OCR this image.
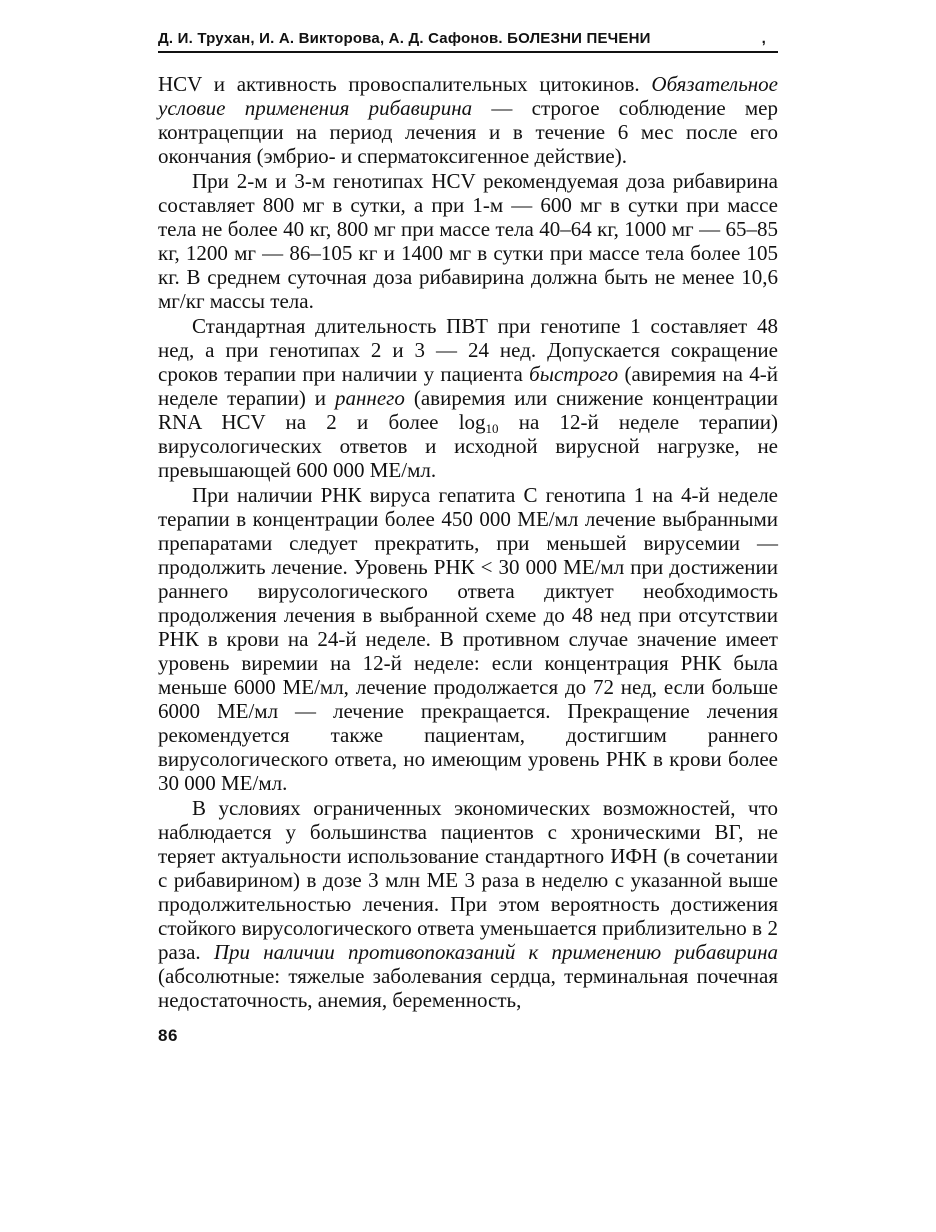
Д. И. Трухан, И. А. Викторова, А. Д. Сафонов. БОЛЕЗНИ ПЕЧЕНИ	,

HCV и активность провоспалительных цитокинов. Обязательное условие применения рибавирина — строгое соблюдение мер контрацепции на период лечения и в течение 6 мес после его окончания (эмбрио- и сперматоксигенное действие).

При 2-м и 3-м генотипах HCV рекомендуемая доза рибавирина составляет 800 мг в сутки, а при 1-м — 600 мг в сутки при массе тела не более 40 кг, 800 мг при массе тела 40–64 кг, 1000 мг — 65–85 кг, 1200 мг — 86–105 кг и 1400 мг в сутки при массе тела более 105 кг. В среднем суточная доза рибавирина должна быть не менее 10,6 мг/кг массы тела.

Стандартная длительность ПВТ при генотипе 1 составляет 48 нед, а при генотипах 2 и 3 — 24 нед. Допускается сокращение сроков терапии при наличии у пациента быстрого (авиремия на 4-й неделе терапии) и раннего (авиремия или снижение концентрации RNA HCV на 2 и более $\log_{10}$ на 12-й неделе терапии) вирусологических ответов и исходной вирусной нагрузке, не превышающей 600 000 МЕ/мл.

При наличии РНК вируса гепатита С генотипа 1 на 4-й неделе терапии в концентрации более 450 000 МЕ/мл лечение выбранными препаратами следует прекратить, при меньшей вирусемии — продолжить лечение. Уровень РНК < 30 000 МЕ/мл при достижении раннего вирусологического ответа диктует необходимость продолжения лечения в выбранной схеме до 48 нед при отсутствии РНК в крови на 24-й неделе. В противном случае значение имеет уровень виремии на 12-й неделе: если концентрация РНК была меньше 6000 МЕ/мл, лечение продолжается до 72 нед, если больше 6000 МЕ/мл — лечение прекращается. Прекращение лечения рекомендуется также пациентам, достигшим раннего вирусологического ответа, но имеющим уровень РНК в крови более 30 000 МЕ/мл.

В условиях ограниченных экономических возможностей, что наблюдается у большинства пациентов с хроническими ВГ, не теряет актуальности использование стандартного ИФН (в сочетании с рибавирином) в дозе 3 млн МЕ 3 раза в неделю с указанной выше продолжительностью лечения. При этом вероятность достижения стойкого вирусологического ответа уменьшается приблизительно в 2 раза. При наличии противопоказаний к применению рибавирина (абсолютные: тяжелые заболевания сердца, терминальная почечная недостаточность, анемия, беременность,

86
